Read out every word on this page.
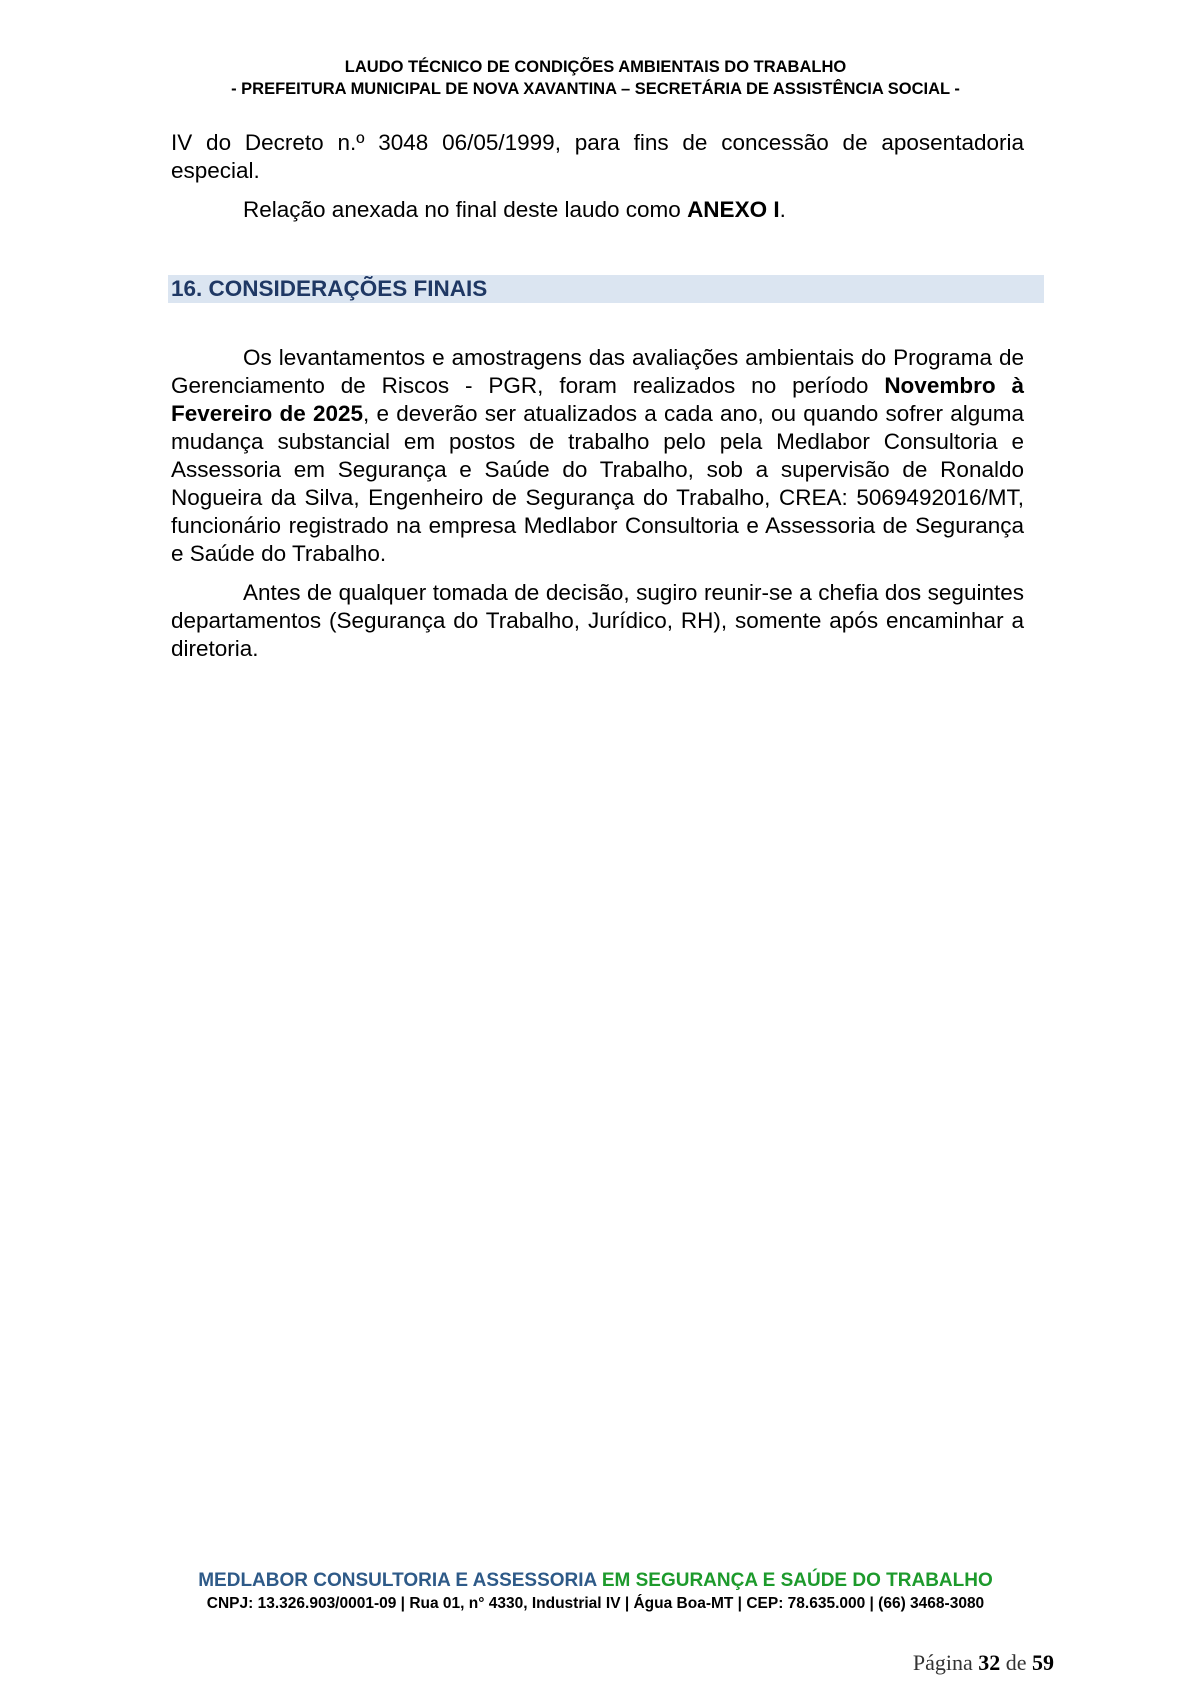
LAUDO TÉCNICO DE CONDIÇÕES AMBIENTAIS DO TRABALHO
- PREFEITURA MUNICIPAL DE NOVA XAVANTINA – SECRETÁRIA DE ASSISTÊNCIA SOCIAL -

IV do Decreto n.º 3048 06/05/1999, para fins de concessão de aposentadoria especial.

Relação anexada no final deste laudo como ANEXO I.

16. CONSIDERAÇÕES FINAIS

Os levantamentos e amostragens das avaliações ambientais do Programa de Gerenciamento de Riscos - PGR, foram realizados no período Novembro à Fevereiro de 2025, e deverão ser atualizados a cada ano, ou quando sofrer alguma mudança substancial em postos de trabalho pelo pela Medlabor Consultoria e Assessoria em Segurança e Saúde do Trabalho, sob a supervisão de Ronaldo Nogueira da Silva, Engenheiro de Segurança do Trabalho, CREA: 5069492016/MT, funcionário registrado na empresa Medlabor Consultoria e Assessoria de Segurança e Saúde do Trabalho.

Antes de qualquer tomada de decisão, sugiro reunir-se a chefia dos seguintes departamentos (Segurança do Trabalho, Jurídico, RH), somente após encaminhar a diretoria.

MEDLABOR CONSULTORIA E ASSESSORIA EM SEGURANÇA E SAÚDE DO TRABALHO
CNPJ: 13.326.903/0001-09 | Rua 01, n° 4330, Industrial IV | Água Boa-MT | CEP: 78.635.000 | (66) 3468-3080
Página 32 de 59
